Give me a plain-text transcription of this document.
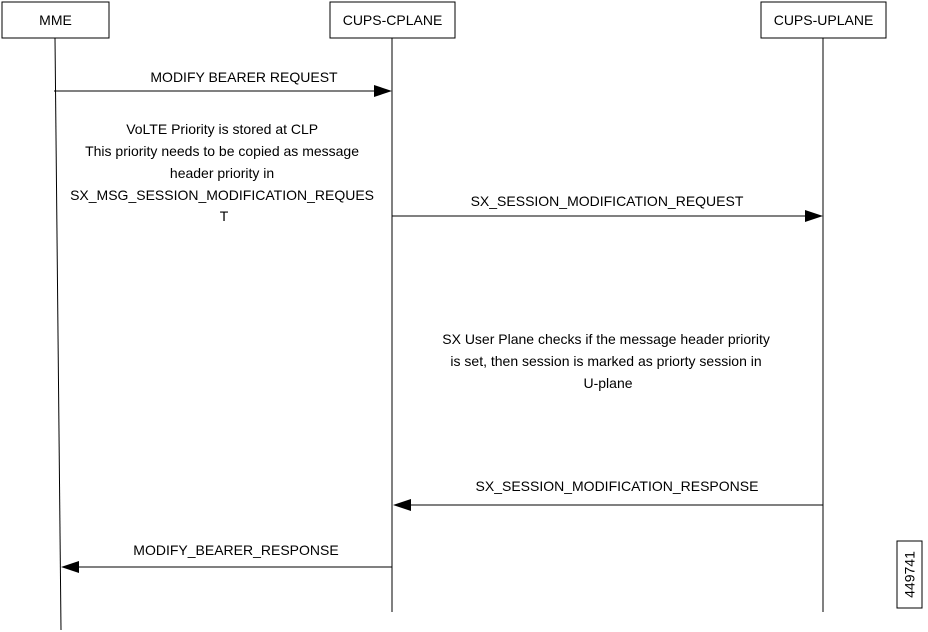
MME	CUPS-CPLANE	CUPS-UPLANE
MODIFY BEARER REQUEST
VoLTE Priority is stored at CLP This priority needs to be copied as message header priority in SX_MSG_SESSION_MODIFICATION_REQUES T
SX_SESSION_MODIFICATION_REQUEST
SX User Plane checks if the message header priority is set, then session is marked as priorty session in U-plane
SX_SESSION_MODIFICATION_RESPONSE
MODIFY_BEARER_RESPONSE
449741
